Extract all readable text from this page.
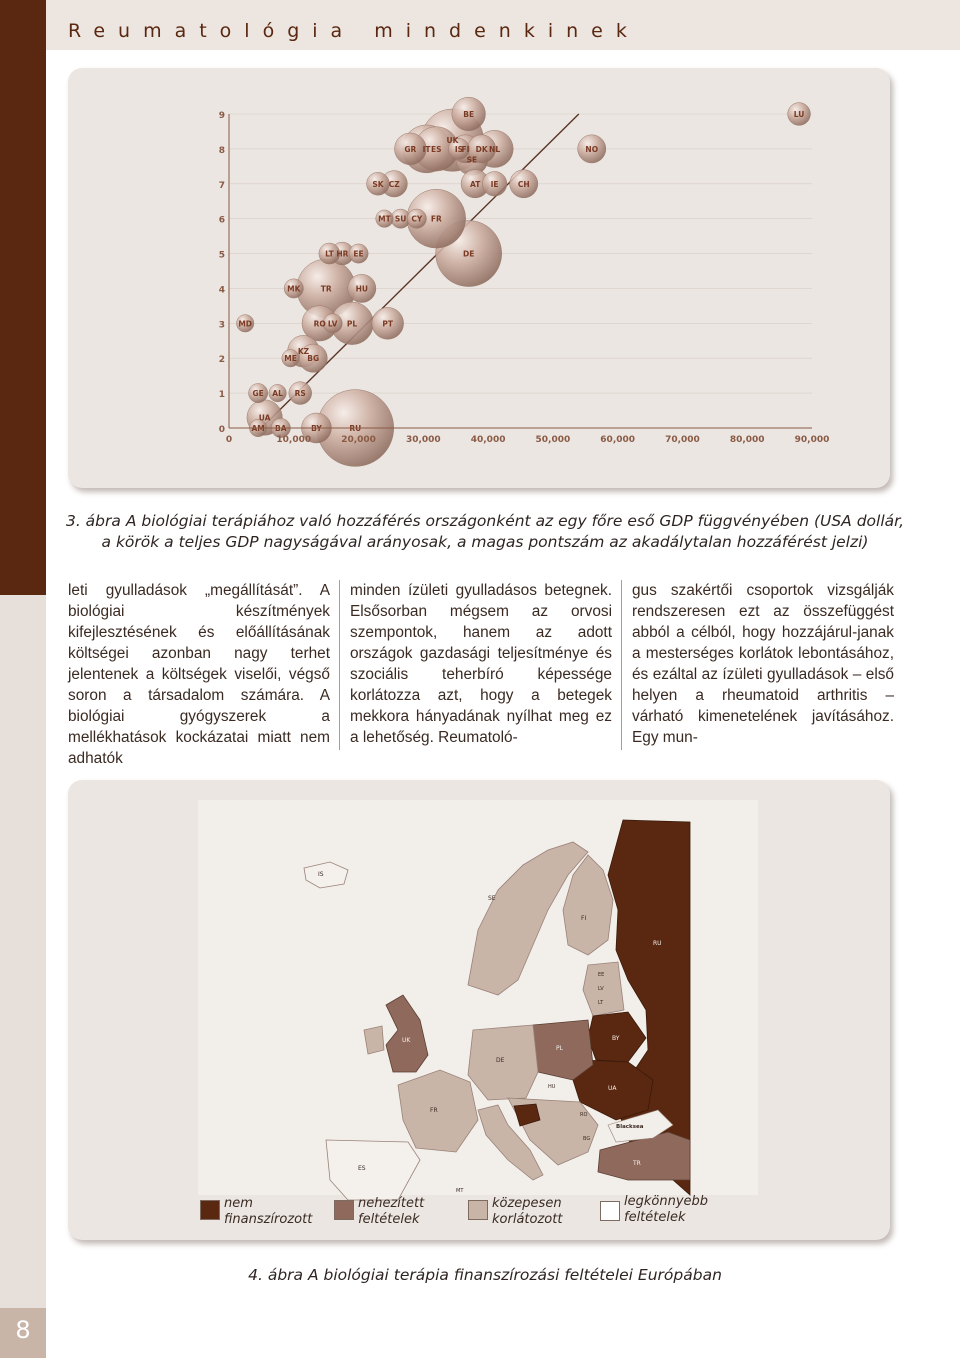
8
Reumatológia mindenkinek
BE	LU
UK
GR IT ES IS
FI DK NL
SE
NO
SK CZ	AT IE	CH
MT SU CY FR
LT HR EE	DE
MK	TR	HU
MD	RO LV PL	PT
KZ
ME BG
GE AL RS
UA
AM BA	BY	RU
0
1
2
3
4
5
6
7
8
9
0	10,000	20,000	30,000	40,000	50,000	60,000	70,000	80,000	90,000
3. ábra A biológiai terápiához való hozzáférés országonként az egy főre eső GDP függvényében (USA dollár, a körök a teljes GDP nagyságával arányosak, a magas pontszám az akadálytalan hozzáférést jelzi)

leti gyulladások „megállítását”. A biológiai készítmények kifejlesztésének és előállításának költségei azonban nagy terhet jelentenek a költségek viselői, végső soron a társadalom számára. A biológiai gyógyszerek a mellékhatások kockázatai miatt nem adhatók

minden ízületi gyulladásos betegnek. Elsősorban mégsem az orvosi szempontok, hanem az adott országok gazdasági teljesítménye és szociális teherbíró képessége korlátozza azt, hogy a betegek mekkora hányadának nyílhat meg ez a lehetőség. Reumatoló-

gus szakértői csoportok vizsgálják rendszeresen ezt az összefüggést abból a célból, hogy hozzájárul-janak a mesterséges korlátok lebontásához, és ezáltal az ízületi gyulladások – első helyen a rheumatoid arthritis – várható kimenetelének javításához. Egy mun-

IS
SE
FI
RU
EE
LV
LT
BY
UA
PL
DE
UK
FR
ES
HU
RO
BG
TR
MT
Blacksea
nem
finanszírozott
nehezített
feltételek
közepesen
korlátozott
legkönnyebb
feltételek
4. ábra A biológiai terápia finanszírozási feltételei Európában
